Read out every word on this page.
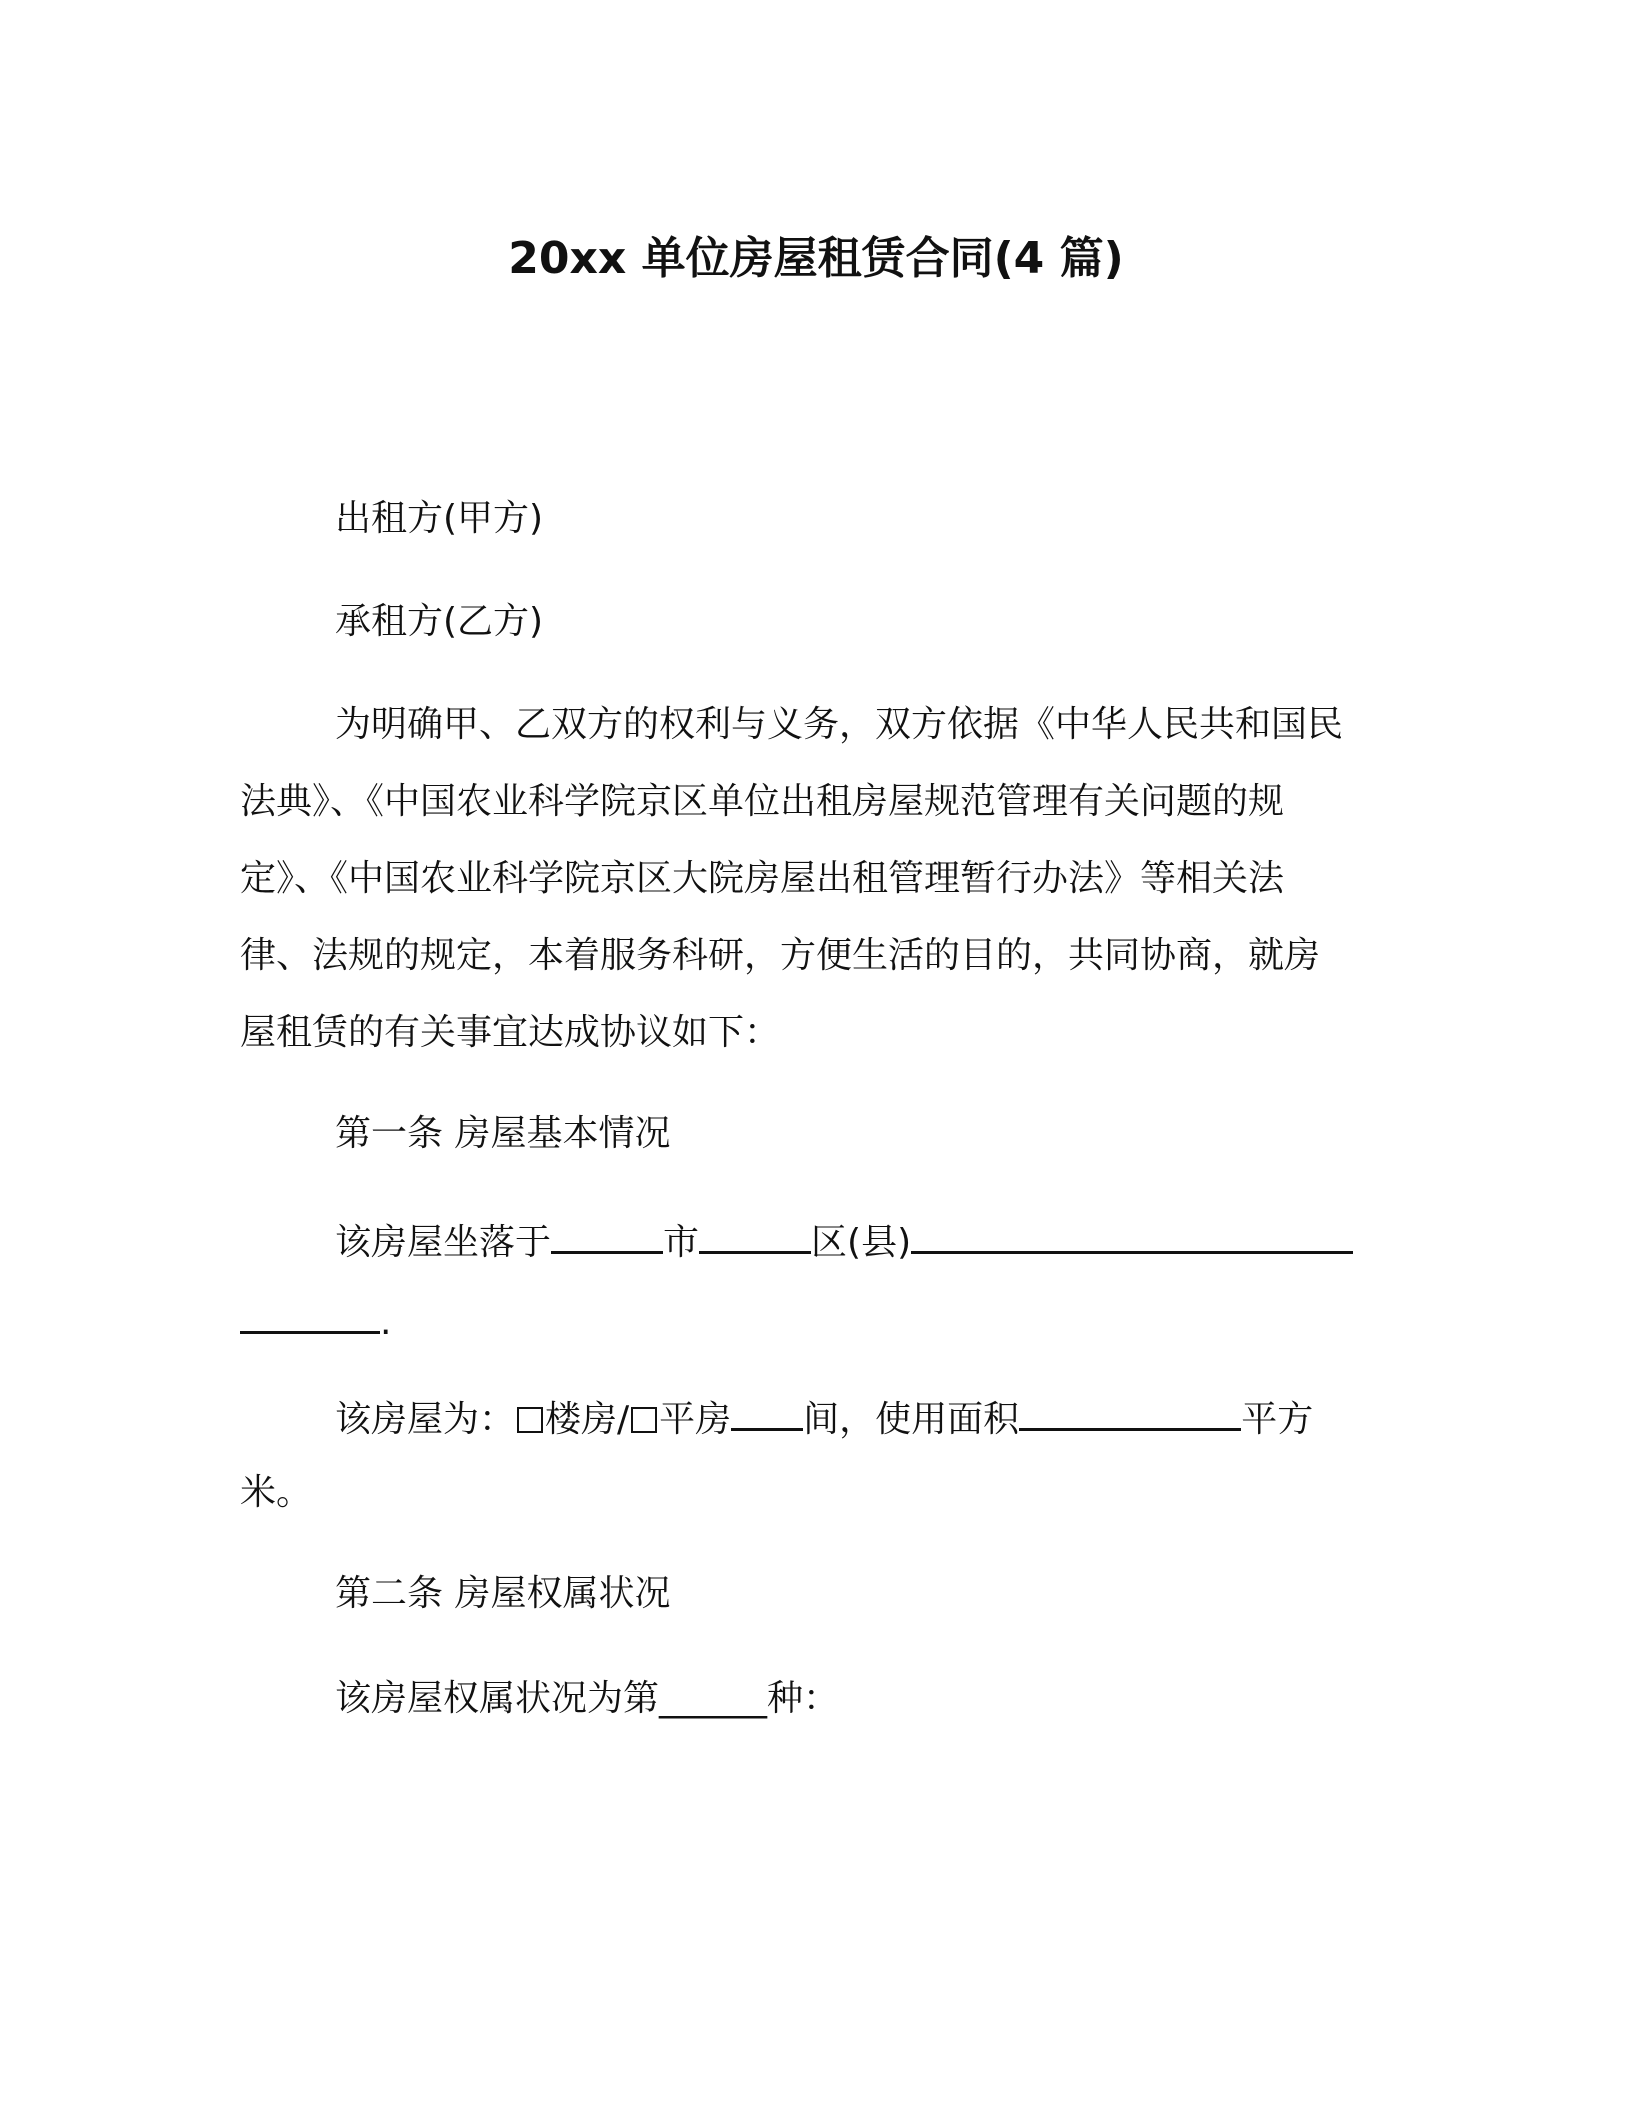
20xx 单位房屋租赁合同(4 篇)
出租方(甲方)
承租方(乙方)
为明确甲、乙双方的权利与义务，双方依据《中华人民共和国民
法典》、《中国农业科学院京区单位出租房屋规范管理有关问题的规
定》、《中国农业科学院京区大院房屋出租管理暂行办法》等相关法
律、法规的规定，本着服务科研，方便生活的目的，共同协商，就房
屋租赁的有关事宜达成协议如下：
第一条 房屋基本情况
该房屋坐落于	市	区(县)
.
该房屋为： 楼房/ 平房 间，使用面积	平方
米。
第二条 房屋权属状况
该房屋权属状况为第______种：
